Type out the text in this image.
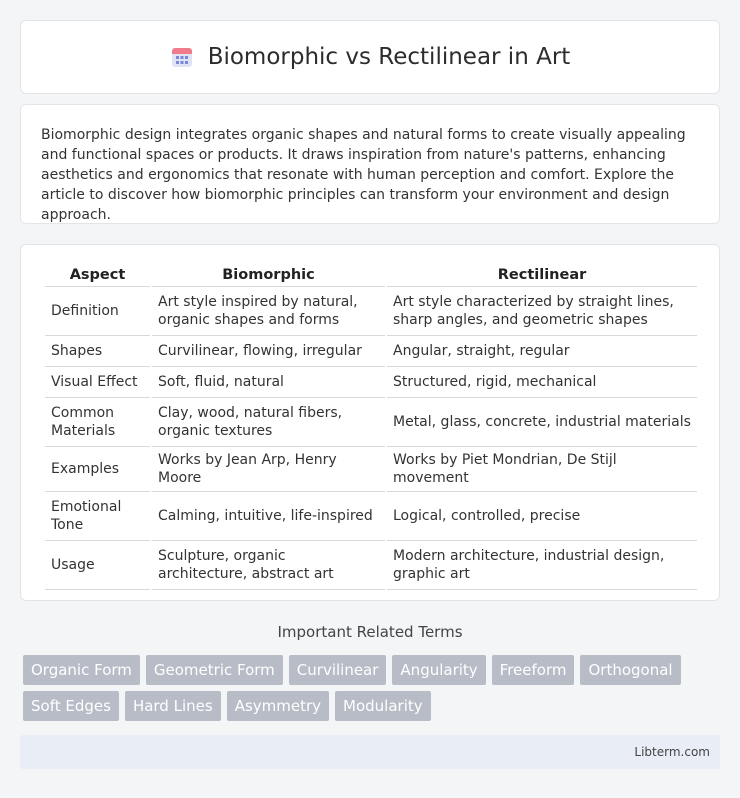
Biomorphic vs Rectilinear in Art

Biomorphic design integrates organic shapes and natural forms to create visually appealing and functional spaces or products. It draws inspiration from nature's patterns, enhancing aesthetics and ergonomics that resonate with human perception and comfort. Explore the article to discover how biomorphic principles can transform your environment and design approach.

Aspect	Biomorphic	Rectilinear
Definition	Art style inspired by natural, organic shapes and forms	Art style characterized by straight lines, sharp angles, and geometric shapes
Shapes	Curvilinear, flowing, irregular	Angular, straight, regular
Visual Effect	Soft, fluid, natural	Structured, rigid, mechanical
Common Materials	Clay, wood, natural fibers, organic textures	Metal, glass, concrete, industrial materials
Examples	Works by Jean Arp, Henry Moore	Works by Piet Mondrian, De Stijl movement
Emotional Tone	Calming, intuitive, life-inspired	Logical, controlled, precise
Usage	Sculpture, organic architecture, abstract art	Modern architecture, industrial design, graphic art
Important Related Terms
Organic Form	Geometric Form	Curvilinear	Angularity	Freeform	Orthogonal
Soft Edges	Hard Lines	Asymmetry	Modularity
Libterm.com
